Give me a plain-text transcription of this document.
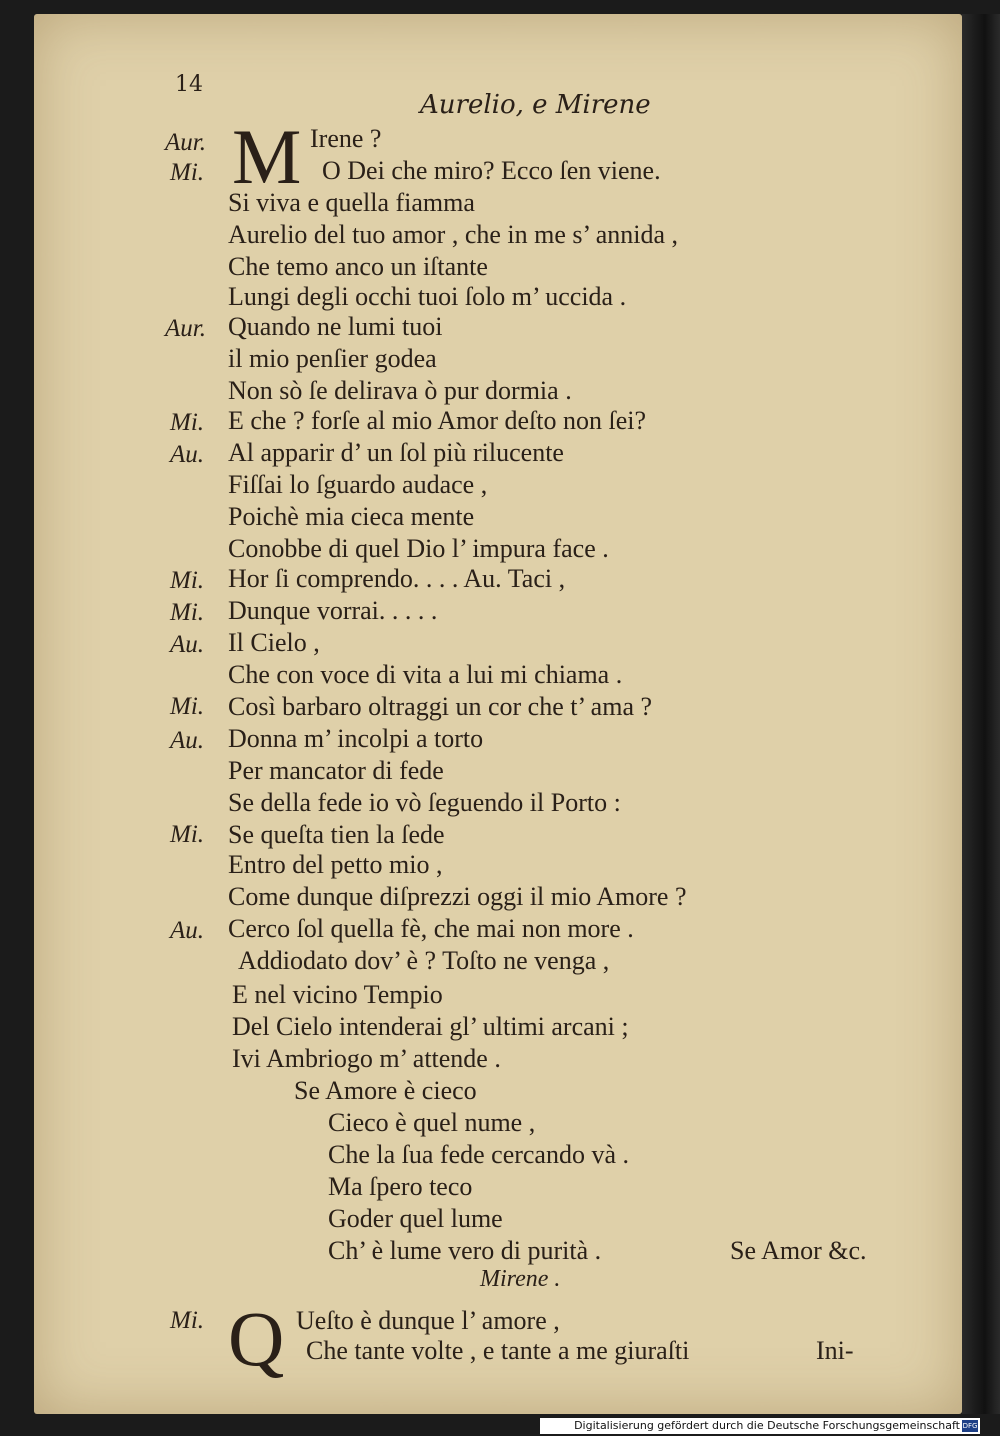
14
Aurelio, e Mirene
M
Q
Aur.
Mi.
Aur.
Mi.
Au.
Mi.
Mi.
Au.
Mi.
Au.
Mi.
Au.
Mi.
Irene ?
O Dei che miro? Ecco ſen viene.
Si viva e quella fiamma
Aurelio del tuo amor , che in me s’ annida ,
Che temo anco un iſtante
Lungi degli occhi tuoi ſolo m’ uccida .
Quando ne lumi tuoi
il mio penſier godea
Non sò ſe delirava ò pur dormia .
E che ? forſe al mio Amor deſto non ſei?
Al apparir d’ un ſol più rilucente
Fiſſai lo ſguardo audace ,
Poichè mia cieca mente
Conobbe di quel Dio l’ impura face .
Hor ſi comprendo. . . . Au. Taci ,
Dunque vorrai. . . . .
Il Cielo ,
Che con voce di vita a lui mi chiama .
Così barbaro oltraggi un cor che t’ ama ?
Donna m’ incolpi a torto
Per mancator di fede
Se della fede io vò ſeguendo il Porto :
Se queſta tien la ſede
Entro del petto mio ,
Come dunque diſprezzi oggi il mio Amore ?
Cerco ſol quella fè, che mai non more .
Addiodato dov’ è ? Toſto ne venga ,
E nel vicino Tempio
Del Cielo intenderai gl’ ultimi arcani ;
Ivi Ambriogo m’ attende .
Se Amore è cieco
Cieco è quel nume ,
Che la ſua fede cercando và .
Ma ſpero teco
Goder quel lume
Ch’ è lume vero di purità .	Se Amor &c.
Mirene .
Ueſto è dunque l’ amore ,
Che tante volte , e tante a me giuraſti	Ini-
Digitalisierung gefördert durch die Deutsche Forschungsgemeinschaft DFG
